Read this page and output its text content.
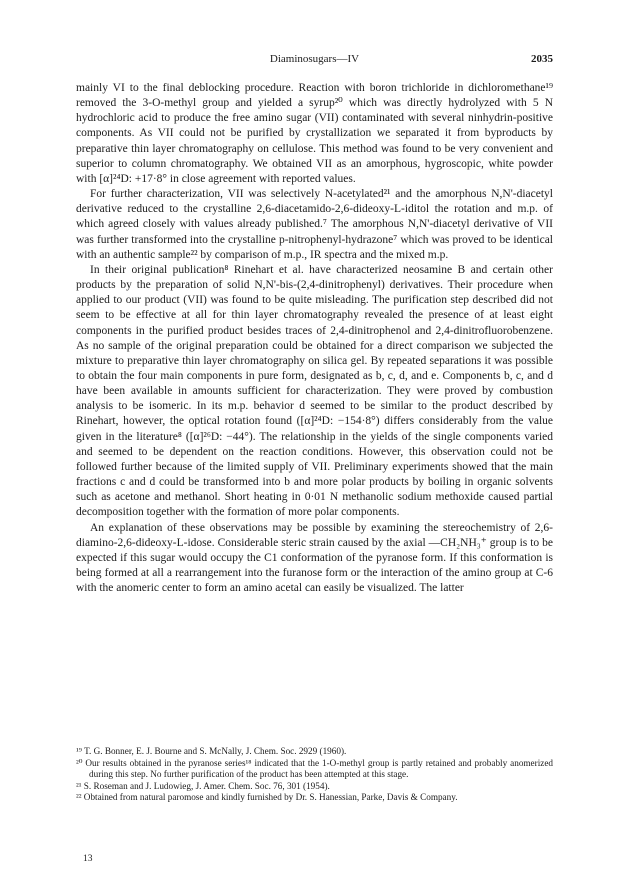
Diaminosugars—IV	2035

mainly VI to the final deblocking procedure. Reaction with boron trichloride in dichloromethane¹⁹ removed the 3-O-methyl group and yielded a syrup²⁰ which was directly hydrolyzed with 5 N hydrochloric acid to produce the free amino sugar (VII) contaminated with several ninhydrin-positive components. As VII could not be purified by crystallization we separated it from byproducts by preparative thin layer chromatography on cellulose. This method was found to be very convenient and superior to column chromatography. We obtained VII as an amorphous, hygroscopic, white powder with [α]²⁴D: +17·8° in close agreement with reported values.

For further characterization, VII was selectively N-acetylated²¹ and the amorphous N,N'-diacetyl derivative reduced to the crystalline 2,6-diacetamido-2,6-dideoxy-L-iditol the rotation and m.p. of which agreed closely with values already published.⁷ The amorphous N,N'-diacetyl derivative of VII was further transformed into the crystalline p-nitrophenyl-hydrazone⁷ which was proved to be identical with an authentic sample²² by comparison of m.p., IR spectra and the mixed m.p.

In their original publication⁸ Rinehart et al. have characterized neosamine B and certain other products by the preparation of solid N,N'-bis-(2,4-dinitrophenyl) derivatives. Their procedure when applied to our product (VII) was found to be quite misleading. The purification step described did not seem to be effective at all for thin layer chromatography revealed the presence of at least eight components in the purified product besides traces of 2,4-dinitrophenol and 2,4-dinitrofluorobenzene. As no sample of the original preparation could be obtained for a direct comparison we subjected the mixture to preparative thin layer chromatography on silica gel. By repeated separations it was possible to obtain the four main components in pure form, designated as b, c, d, and e. Components b, c, and d have been available in amounts sufficient for characterization. They were proved by combustion analysis to be isomeric. In its m.p. behavior d seemed to be similar to the product described by Rinehart, however, the optical rotation found ([α]²⁴D: −154·8°) differs considerably from the value given in the literature⁸ ([α]²⁶D: −44°). The relationship in the yields of the single components varied and seemed to be dependent on the reaction conditions. However, this observation could not be followed further because of the limited supply of VII. Preliminary experiments showed that the main fractions c and d could be transformed into b and more polar products by boiling in organic solvents such as acetone and methanol. Short heating in 0·01 N methanolic sodium methoxide caused partial decomposition together with the formation of more polar components.

An explanation of these observations may be possible by examining the stereochemistry of 2,6-diamino-2,6-dideoxy-L-idose. Considerable steric strain caused by the axial —CH₂NH₃⁺ group is to be expected if this sugar would occupy the C1 conformation of the pyranose form. If this conformation is being formed at all a rearrangement into the furanose form or the interaction of the amino group at C-6 with the anomeric center to form an amino acetal can easily be visualized. The latter

¹⁹ T. G. Bonner, E. J. Bourne and S. McNally, J. Chem. Soc. 2929 (1960).

²⁰ Our results obtained in the pyranose series¹⁸ indicated that the 1-O-methyl group is partly retained and probably anomerized during this step. No further purification of the product has been attempted at this stage.

²¹ S. Roseman and J. Ludowieg, J. Amer. Chem. Soc. 76, 301 (1954).

²² Obtained from natural paromose and kindly furnished by Dr. S. Hanessian, Parke, Davis & Company.

13
